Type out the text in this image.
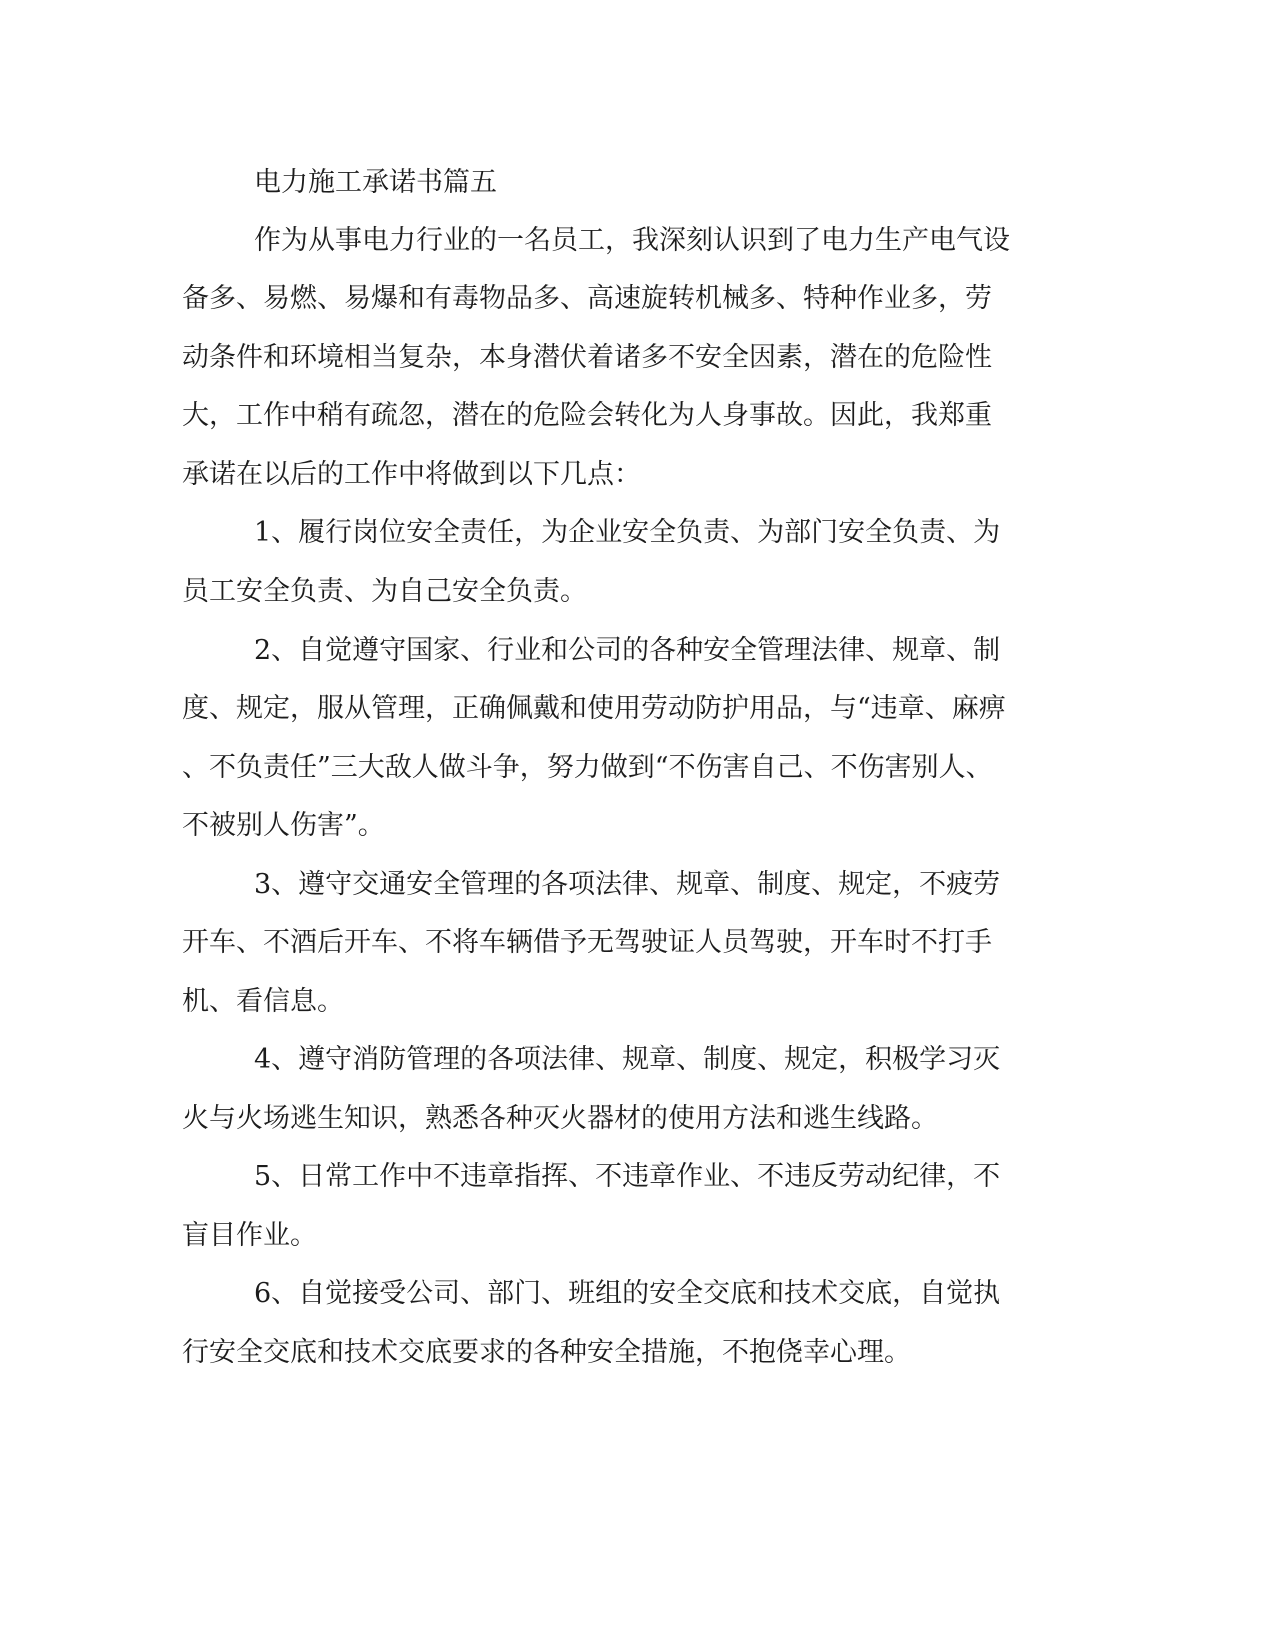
电力施工承诺书篇五

作为从事电力行业的一名员工，我深刻认识到了电力生产电气设

备多、易燃、易爆和有毒物品多、高速旋转机械多、特种作业多，劳

动条件和环境相当复杂，本身潜伏着诸多不安全因素，潜在的危险性

大，工作中稍有疏忽，潜在的危险会转化为人身事故。因此，我郑重

承诺在以后的工作中将做到以下几点：

1、履行岗位安全责任，为企业安全负责、为部门安全负责、为

员工安全负责、为自己安全负责。

2、自觉遵守国家、行业和公司的各种安全管理法律、规章、制

度、规定，服从管理，正确佩戴和使用劳动防护用品，与“违章、麻痹

、不负责任”三大敌人做斗争，努力做到“不伤害自己、不伤害别人、

不被别人伤害”。

3、遵守交通安全管理的各项法律、规章、制度、规定，不疲劳

开车、不酒后开车、不将车辆借予无驾驶证人员驾驶，开车时不打手

机、看信息。

4、遵守消防管理的各项法律、规章、制度、规定，积极学习灭

火与火场逃生知识，熟悉各种灭火器材的使用方法和逃生线路。

5、日常工作中不违章指挥、不违章作业、不违反劳动纪律，不

盲目作业。

6、自觉接受公司、部门、班组的安全交底和技术交底，自觉执

行安全交底和技术交底要求的各种安全措施，不抱侥幸心理。
